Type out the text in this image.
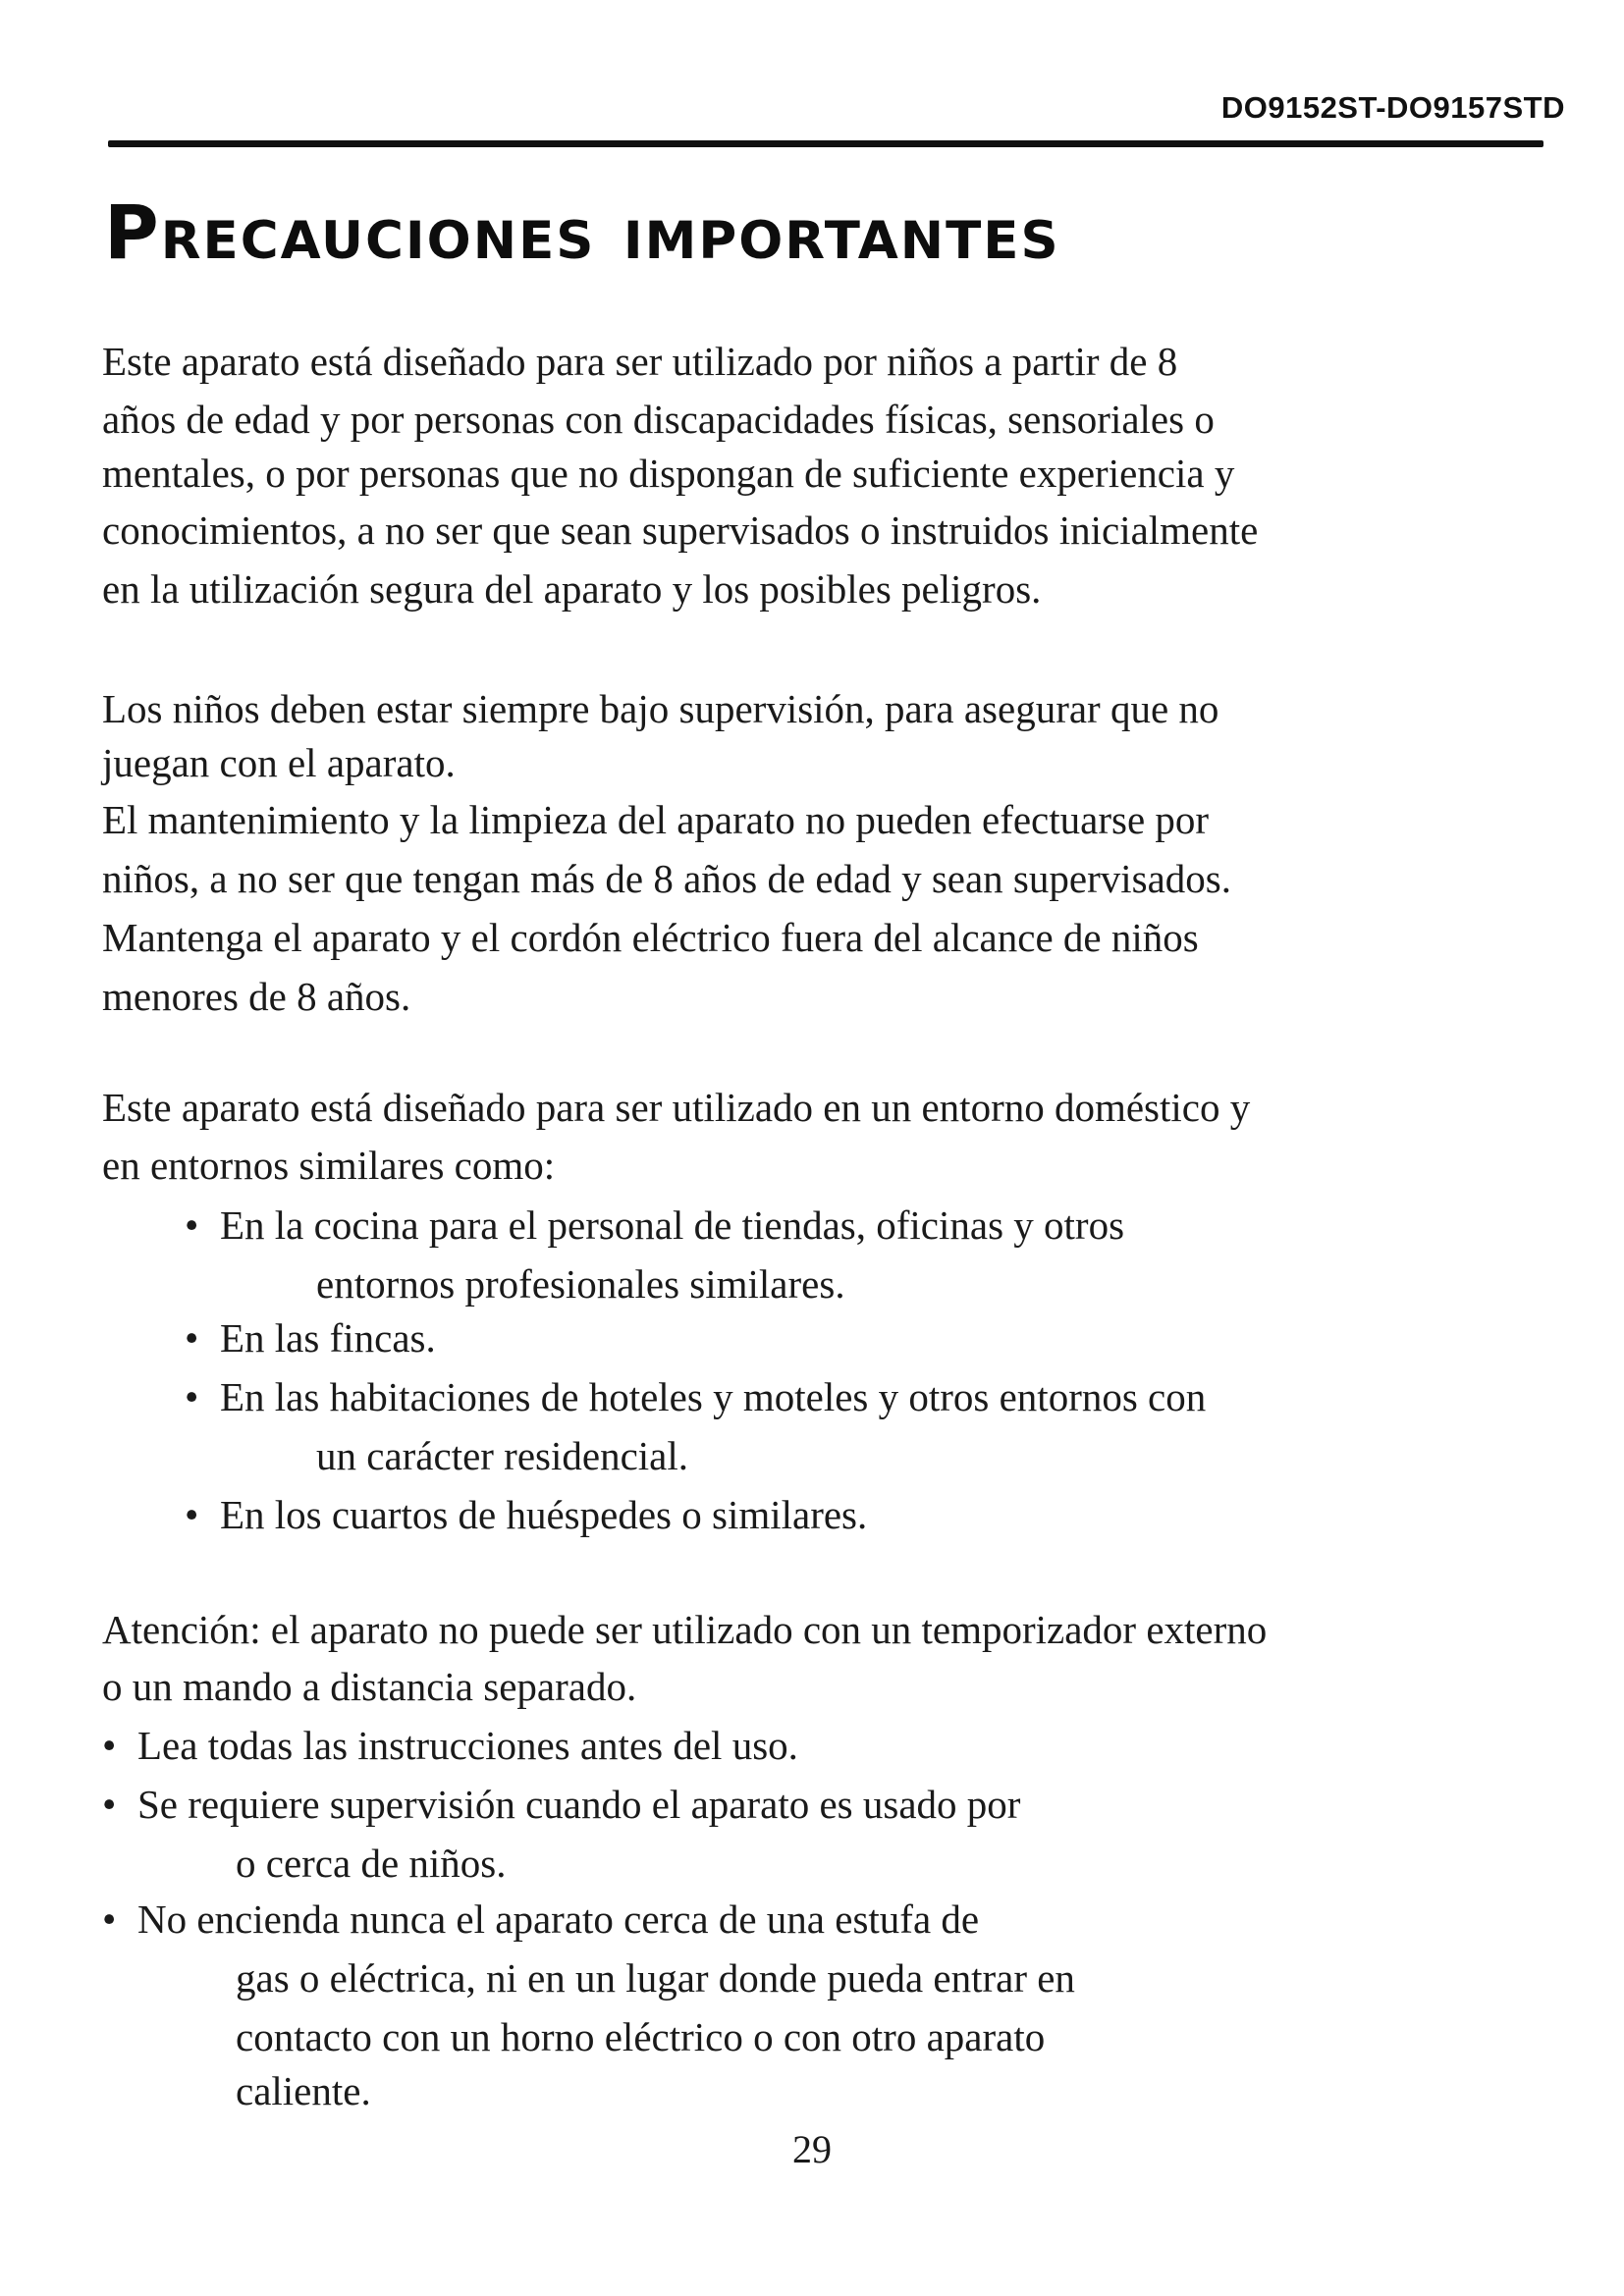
DO9152ST-DO9157STD
Precauciones importantes

Este aparato está diseñado para ser utilizado por niños a partir de 8

años de edad y por personas con discapacidades físicas, sensoriales o

mentales, o por personas que no dispongan de suficiente experiencia y

conocimientos, a no ser que sean supervisados o instruidos inicialmente

en la utilización segura del aparato y los posibles peligros.

Los niños deben estar siempre bajo supervisión, para asegurar que no

juegan con el aparato.

El mantenimiento y la limpieza del aparato no pueden efectuarse por

niños, a no ser que tengan más de 8 años de edad y sean supervisados.

Mantenga el aparato y el cordón eléctrico fuera del alcance de niños

menores de 8 años.

Este aparato está diseñado para ser utilizado en un entorno doméstico y

en entornos similares como:

• En la cocina para el personal de tiendas, oficinas y otros

entornos profesionales similares.

• En las fincas.

• En las habitaciones de hoteles y moteles y otros entornos con

un carácter residencial.

• En los cuartos de huéspedes o similares.

Atención: el aparato no puede ser utilizado con un temporizador externo

o un mando a distancia separado.

• Lea todas las instrucciones antes del uso.

• Se requiere supervisión cuando el aparato es usado por

o cerca de niños.

• No encienda nunca el aparato cerca de una estufa de

gas o eléctrica, ni en un lugar donde pueda entrar en

contacto con un horno eléctrico o con otro aparato

caliente.

29
